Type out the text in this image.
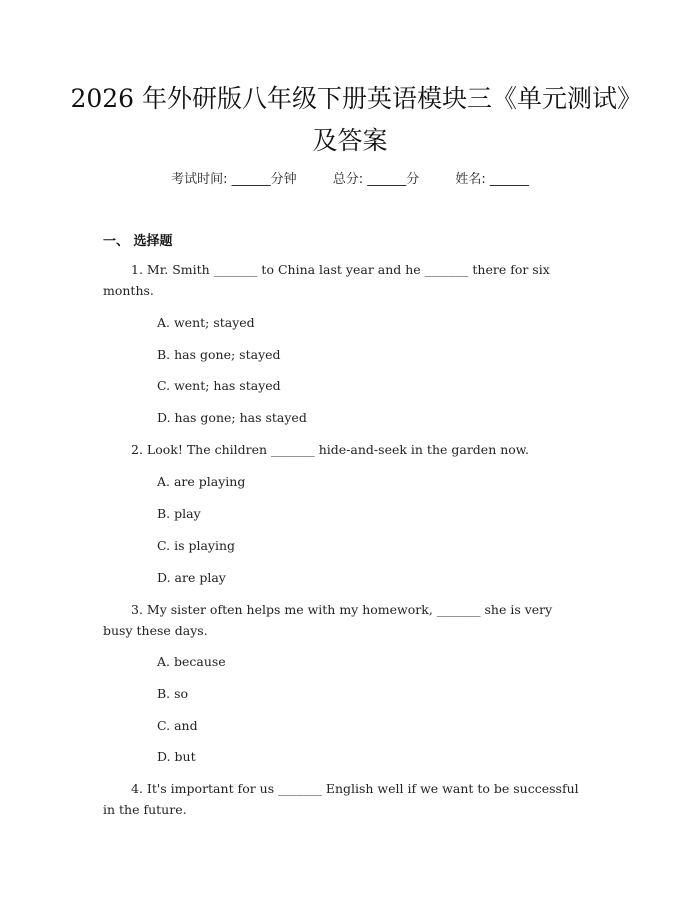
2026 年外研版八年级下册英语模块三《单元测试》及答案
考试时间: ______分钟	总分: ______分	姓名: ______
一、 选择题
1. Mr. Smith _______ to China last year and he _______ there for six months.
A. went; stayed
B. has gone; stayed
C. went; has stayed
D. has gone; has stayed
2. Look! The children _______ hide-and-seek in the garden now.
A. are playing
B. play
C. is playing
D. are play
3. My sister often helps me with my homework, _______ she is very busy these days.
A. because
B. so
C. and
D. but
4. It's important for us _______ English well if we want to be successful in the future.
